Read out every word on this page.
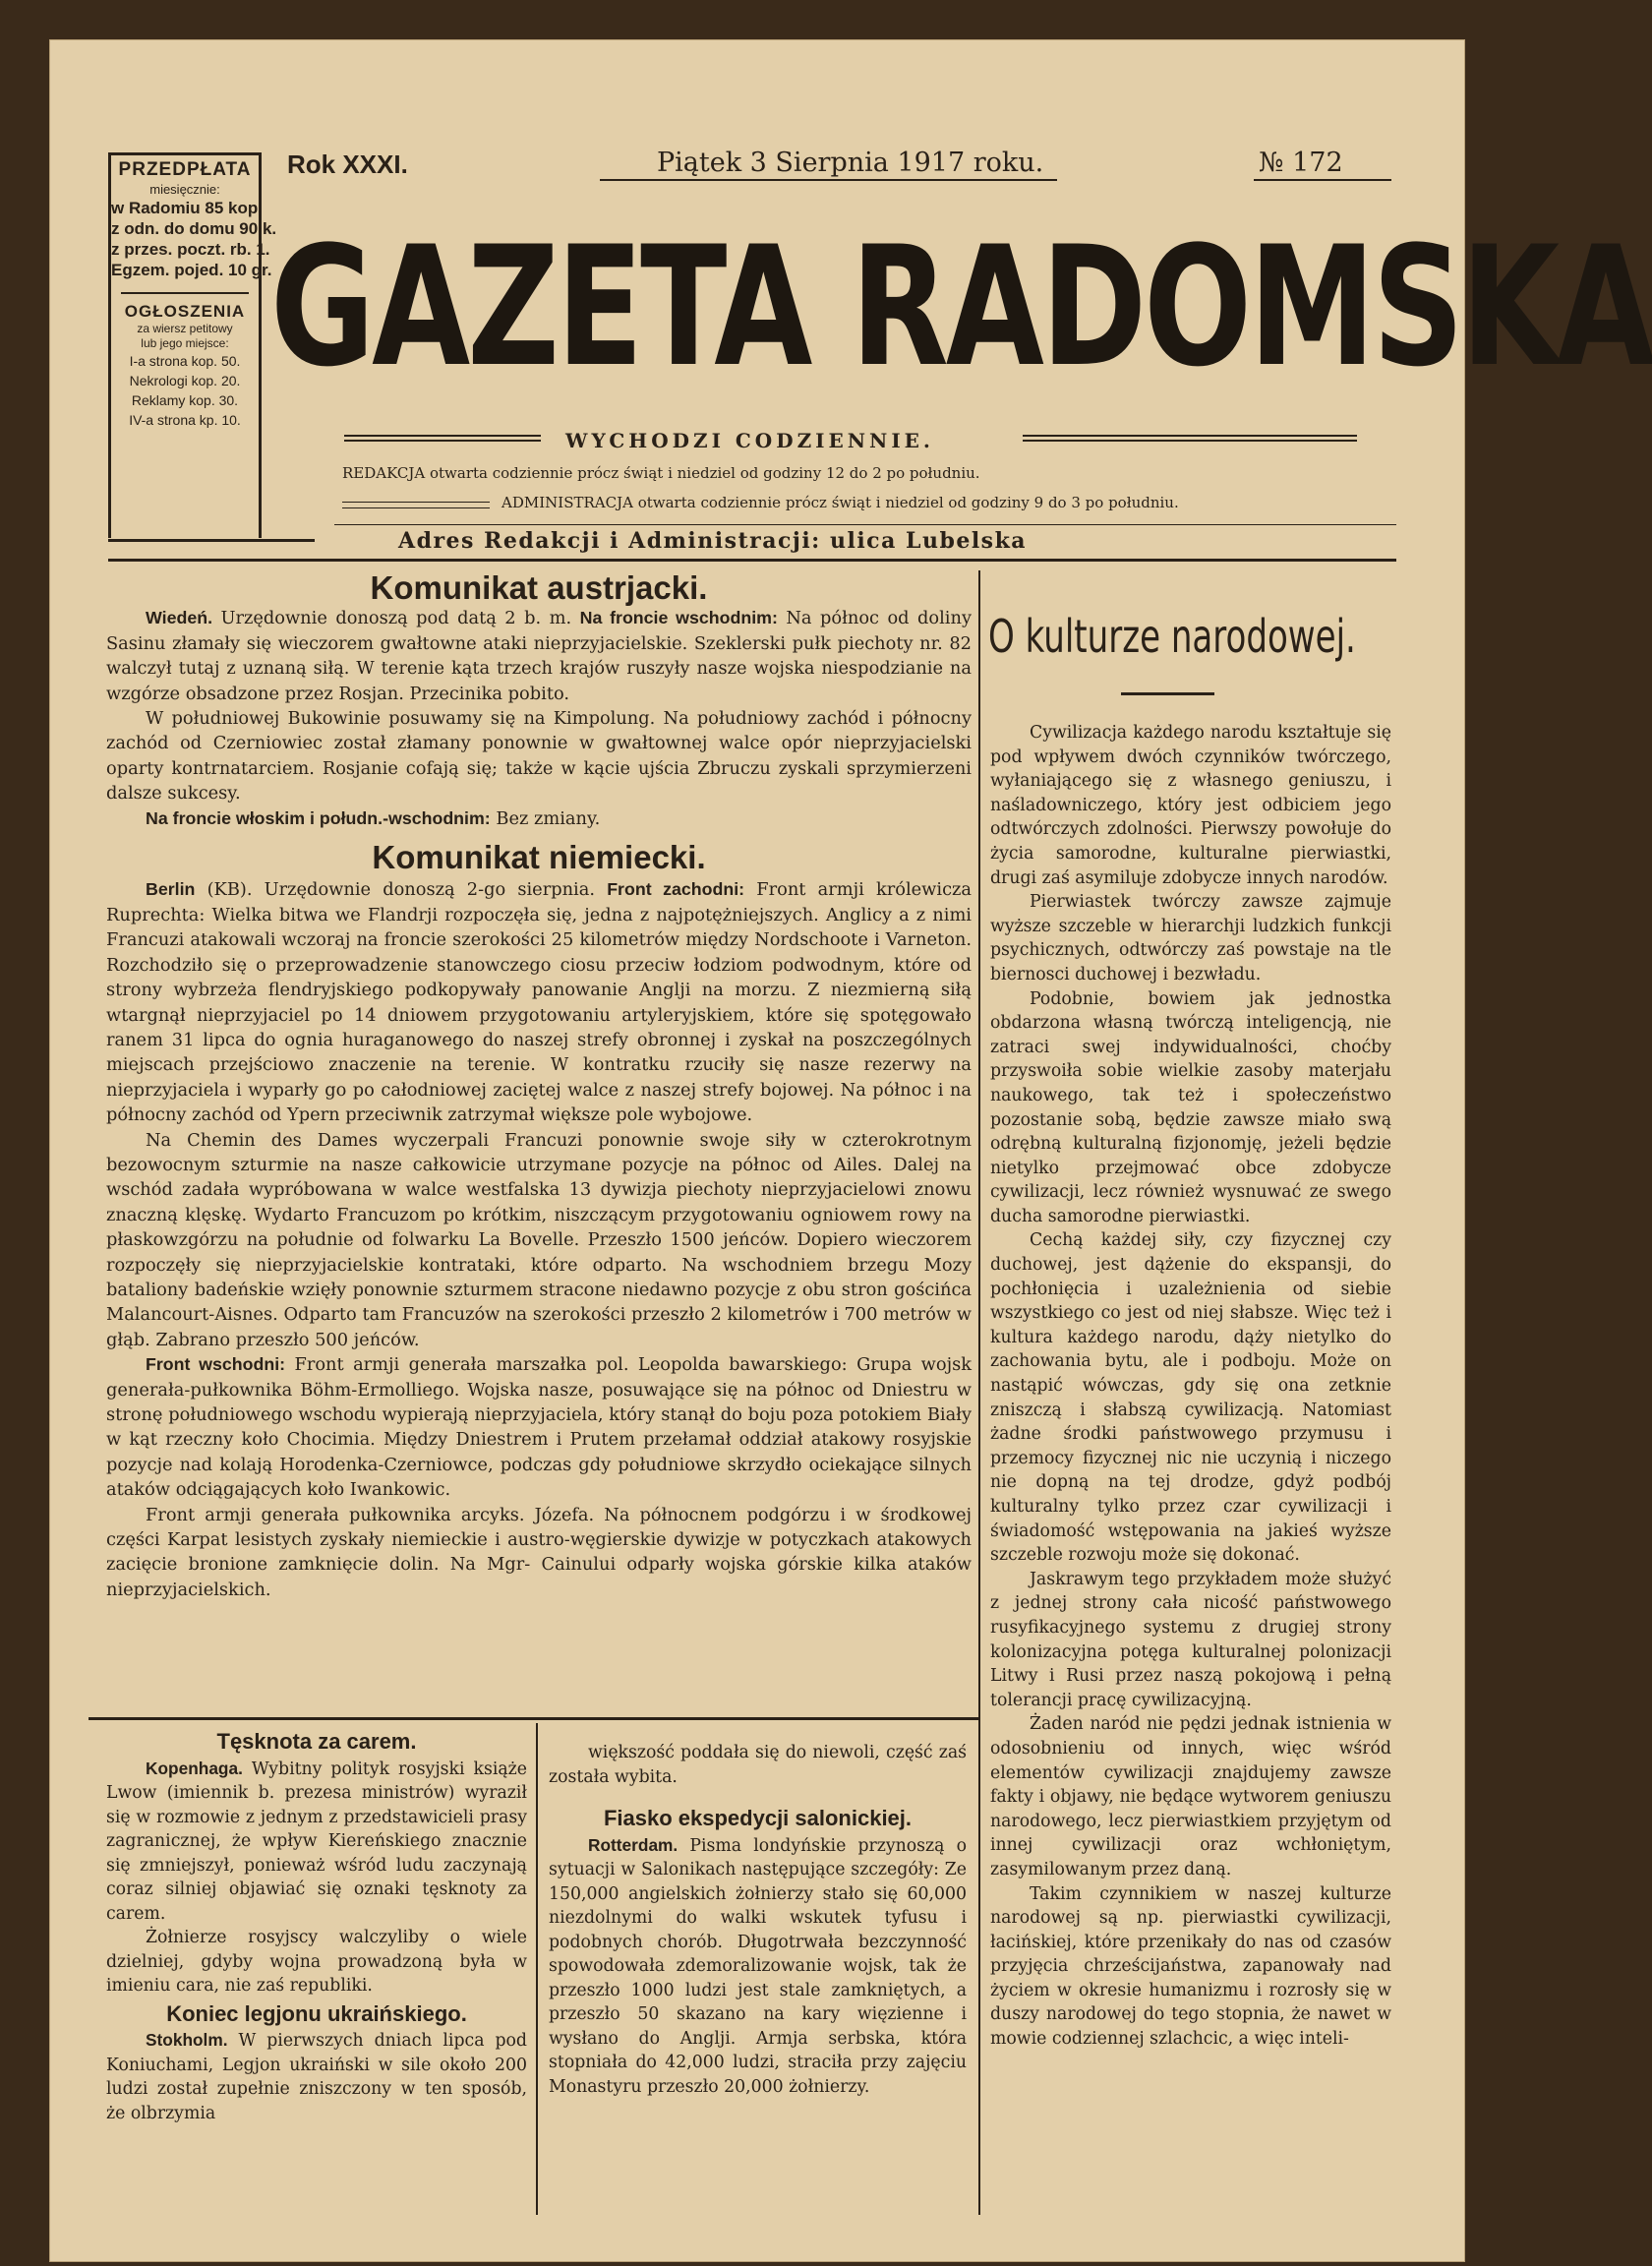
PRZEDPŁATA
miesięcznie:
w Radomiu 85 kop.
z odn. do domu 90 k.
z przes. poczt. rb. 1.
Egzem. pojed. 10 gr.
OGŁOSZENIA
za wiersz petitowy
lub jego miejsce:
I-a strona kop. 50.
Nekrologi kop. 20.
Reklamy kop. 30.
IV-a strona kp. 10.
Rok XXXI.	Piątek 3 Sierpnia 1917 roku.	№ 172
GAZETA RADOMSKA
WYCHODZI CODZIENNIE.
REDAKCJA otwarta codziennie prócz świąt i niedziel od godziny 12 do 2 po południu.
ADMINISTRACJA otwarta codziennie prócz świąt i niedziel od godziny 9 do 3 po południu.
Adres Redakcji i Administracji: ulica Lubelska
Komunikat austrjacki.

Wiedeń. Urzędownie donoszą pod datą 2 b. m. Na froncie wschodnim: Na północ od doliny Sasinu złamały się wieczorem gwałtowne ataki nieprzyjacielskie. Szeklerski pułk piechoty nr. 82 walczył tutaj z uznaną siłą. W terenie kąta trzech krajów ruszyły nasze wojska niespodzianie na wzgórze obsadzone przez Rosjan. Przecinika pobito.

W południowej Bukowinie posuwamy się na Kimpolung. Na południowy zachód i północny zachód od Czerniowiec został złamany ponownie w gwałtownej walce opór nieprzyjacielski oparty kontrnatarciem. Rosjanie cofają się; także w kącie ujścia Zbruczu zyskali sprzymierzeni dalsze sukcesy.

Na froncie włoskim i połudn.-wschodnim: Bez zmiany.

Komunikat niemiecki.

Berlin (KB). Urzędownie donoszą 2-go sierpnia. Front zachodni: Front armji królewicza Ruprechta: Wielka bitwa we Flandrji rozpoczęła się, jedna z najpotężniejszych. Anglicy a z nimi Francuzi atakowali wczoraj na froncie szerokości 25 kilometrów między Nordschoote i Varneton. Rozchodziło się o przeprowadzenie stanowczego ciosu przeciw łodziom podwodnym, które od strony wybrzeża flendryjskiego podkopywały panowanie Anglji na morzu. Z niezmierną siłą wtargnął nieprzyjaciel po 14 dniowem przygotowaniu artyleryjskiem, które się spotęgowało ranem 31 lipca do ognia huraganowego do naszej strefy obronnej i zyskał na poszczególnych miejscach przejściowo znaczenie na terenie. W kontratku rzuciły się nasze rezerwy na nieprzyjaciela i wyparły go po całodniowej zaciętej walce z naszej strefy bojowej. Na północ i na północny zachód od Ypern przeciwnik zatrzymał większe pole wybojowe.

Na Chemin des Dames wyczerpali Francuzi ponownie swoje siły w czterokrotnym bezowocnym szturmie na nasze całkowicie utrzymane pozycje na północ od Ailes. Dalej na wschód zadała wypróbowana w walce westfalska 13 dywizja piechoty nieprzyjacielowi znowu znaczną klęskę. Wydarto Francuzom po krótkim, niszczącym przygotowaniu ogniowem rowy na płaskowzgórzu na południe od folwarku La Bovelle. Przeszło 1500 jeńców. Dopiero wieczorem rozpoczęły się nieprzyjacielskie kontrataki, które odparto. Na wschodniem brzegu Mozy bataliony badeńskie wzięły ponownie szturmem stracone niedawno pozycje z obu stron gościńca Malancourt-Aisnes. Odparto tam Francuzów na szerokości przeszło 2 kilometrów i 700 metrów w głąb. Zabrano przeszło 500 jeńców.

Front wschodni: Front armji generała marszałka pol. Leopolda bawarskiego: Grupa wojsk generała-pułkownika Böhm-Ermolliego. Wojska nasze, posuwające się na północ od Dniestru w stronę południowego wschodu wypierają nieprzyjaciela, który stanął do boju poza potokiem Biały w kąt rzeczny koło Chocimia. Między Dniestrem i Prutem przełamał oddział atakowy rosyjskie pozycje nad kolają Horodenka-Czerniowce, podczas gdy południowe skrzydło ociekające silnych ataków odciągających koło Iwankowic.

Front armji generała pułkownika arcyks. Józefa. Na północnem podgórzu i w środkowej części Karpat lesistych zyskały niemieckie i austro-węgierskie dywizje w potyczkach atakowych zacięcie bronione zamknięcie dolin. Na Mgr- Cainului odparły wojska górskie kilka ataków nieprzyjacielskich.

Tęsknota za carem.

Kopenhaga. Wybitny polityk rosyjski książe Lwow (imiennik b. prezesa ministrów) wyraził się w rozmowie z jednym z przedstawicieli prasy zagranicznej, że wpływ Kiereńskiego znacznie się zmniejszył, ponieważ wśród ludu zaczynają coraz silniej objawiać się oznaki tęsknoty za carem.

Żołnierze rosyjscy walczyliby o wiele dzielniej, gdyby wojna prowadzoną była w imieniu cara, nie zaś republiki.

Koniec legjonu ukraińskiego.

Stokholm. W pierwszych dniach lipca pod Koniuchami, Legjon ukraiński w sile około 200 ludzi został zupełnie zniszczony w ten sposób, że olbrzymia

większość poddała się do niewoli, część zaś została wybita.

Fiasko ekspedycji salonickiej.

Rotterdam. Pisma londyńskie przynoszą o sytuacji w Salonikach następujące szczegóły: Ze 150,000 angielskich żołnierzy stało się 60,000 niezdolnymi do walki wskutek tyfusu i podobnych chorób. Długotrwała bezczynność spowodowała zdemoralizowanie wojsk, tak że przeszło 1000 ludzi jest stale zamkniętych, a przeszło 50 skazano na kary więzienne i wysłano do Anglji. Armja serbska, która stopniała do 42,000 ludzi, straciła przy zajęciu Monastyru przeszło 20,000 żołnierzy.

O kulturze narodowej.

Cywilizacja każdego narodu kształtuje się pod wpływem dwóch czynników twórczego, wyłaniającego się z własnego geniuszu, i naśladowniczego, który jest odbiciem jego odtwórczych zdolności. Pierwszy powołuje do życia samorodne, kulturalne pierwiastki, drugi zaś asymiluje zdobycze innych narodów.

Pierwiastek twórczy zawsze zajmuje wyższe szczeble w hierarchji ludzkich funkcji psychicznych, odtwórczy zaś powstaje na tle biernosci duchowej i bezwładu.

Podobnie, bowiem jak jednostka obdarzona własną twórczą inteligencją, nie zatraci swej indywidualności, choćby przyswoiła sobie wielkie zasoby materjału naukowego, tak też i społeczeństwo pozostanie sobą, będzie zawsze miało swą odrębną kulturalną fizjonomję, jeżeli będzie nietylko przejmować obce zdobycze cywilizacji, lecz również wysnuwać ze swego ducha samorodne pierwiastki.

Cechą każdej siły, czy fizycznej czy duchowej, jest dążenie do ekspansji, do pochłonięcia i uzależnienia od siebie wszystkiego co jest od niej słabsze. Więc też i kultura każdego narodu, dąży nietylko do zachowania bytu, ale i podboju. Może on nastąpić wówczas, gdy się ona zetknie zniszczą i słabszą cywilizacją. Natomiast żadne środki państwowego przymusu i przemocy fizycznej nic nie uczynią i niczego nie dopną na tej drodze, gdyż podbój kulturalny tylko przez czar cywilizacji i świadomość wstępowania na jakieś wyższe szczeble rozwoju może się dokonać.

Jaskrawym tego przykładem może służyć z jednej strony cała nicość państwowego rusyfikacyjnego systemu z drugiej strony kolonizacyjna potęga kulturalnej polonizacji Litwy i Rusi przez naszą pokojową i pełną tolerancji pracę cywilizacyjną.

Żaden naród nie pędzi jednak istnienia w odosobnieniu od innych, więc wśród elementów cywilizacji znajdujemy zawsze fakty i objawy, nie będące wytworem geniuszu narodowego, lecz pierwiastkiem przyjętym od innej cywilizacji oraz wchłoniętym, zasymilowanym przez daną.

Takim czynnikiem w naszej kulturze narodowej są np. pierwiastki cywilizacji, łacińskiej, które przenikały do nas od czasów przyjęcia chrześcijaństwa, zapanowały nad życiem w okresie humanizmu i rozrosły się w duszy narodowej do tego stopnia, że nawet w mowie codziennej szlachcic, a więc inteli-
